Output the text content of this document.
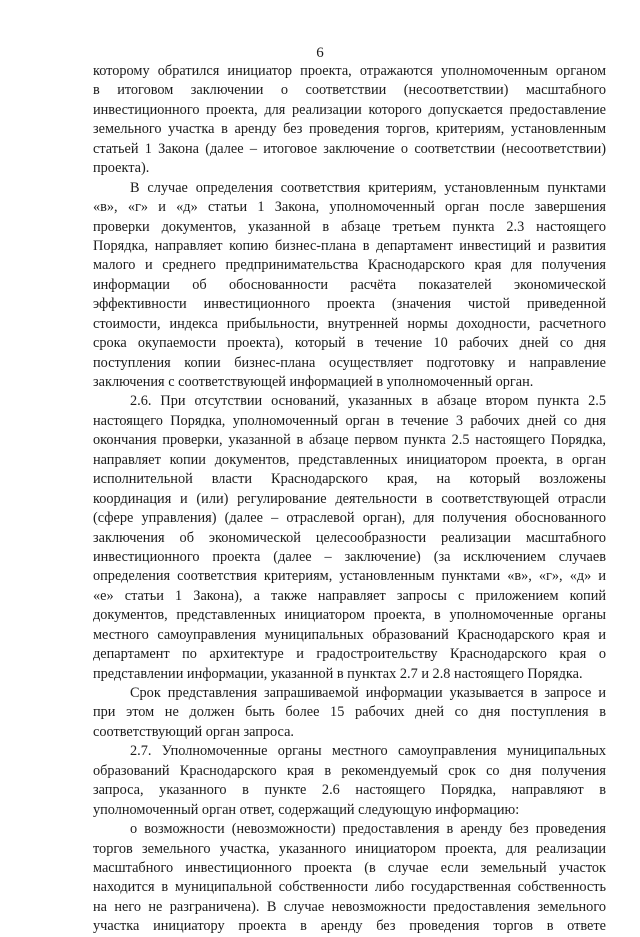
6
которому обратился инициатор проекта, отражаются уполномоченным органом
в итоговом заключении о соответствии (несоответствии) масштабного
инвестиционного проекта, для реализации которого допускается предоставление
земельного участка в аренду без проведения торгов, критериям, установленным
статьей 1 Закона (далее – итоговое заключение о соответствии (несоответствии)
проекта).
В случае определения соответствия критериям, установленным пунктами
«в», «г» и «д» статьи 1 Закона, уполномоченный орган после завершения
проверки документов, указанной в абзаце третьем пункта 2.3 настоящего
Порядка, направляет копию бизнес-плана в департамент инвестиций и развития
малого и среднего предпринимательства Краснодарского края для получения
информации об обоснованности расчёта показателей экономической
эффективности инвестиционного проекта (значения чистой приведенной
стоимости, индекса прибыльности, внутренней нормы доходности, расчетного
срока окупаемости проекта), который в течение 10 рабочих дней со дня
поступления копии бизнес-плана осуществляет подготовку и направление
заключения с соответствующей информацией в уполномоченный орган.
2.6. При отсутствии оснований, указанных в абзаце втором пункта 2.5
настоящего Порядка, уполномоченный орган в течение 3 рабочих дней со дня
окончания проверки, указанной в абзаце первом пункта 2.5 настоящего Порядка,
направляет копии документов, представленных инициатором проекта, в орган
исполнительной власти Краснодарского края, на который возложены
координация и (или) регулирование деятельности в соответствующей отрасли
(сфере управления) (далее – отраслевой орган), для получения обоснованного
заключения об экономической целесообразности реализации масштабного
инвестиционного проекта (далее – заключение) (за исключением случаев
определения соответствия критериям, установленным пунктами «в», «г», «д» и
«е» статьи 1 Закона), а также направляет запросы с приложением копий
документов, представленных инициатором проекта, в уполномоченные органы
местного самоуправления муниципальных образований Краснодарского края и
департамент по архитектуре и градостроительству Краснодарского края о
представлении информации, указанной в пунктах 2.7 и 2.8 настоящего Порядка.
Срок представления запрашиваемой информации указывается в запросе и
при этом не должен быть более 15 рабочих дней со дня поступления в
соответствующий орган запроса.
2.7. Уполномоченные органы местного самоуправления муниципальных
образований Краснодарского края в рекомендуемый срок со дня получения
запроса, указанного в пункте 2.6 настоящего Порядка, направляют в
уполномоченный орган ответ, содержащий следующую информацию:
о возможности (невозможности) предоставления в аренду без проведения
торгов земельного участка, указанного инициатором проекта, для реализации
масштабного инвестиционного проекта (в случае если земельный участок
находится в муниципальной собственности либо государственная собственность
на него не разграничена). В случае невозможности предоставления земельного
участка инициатору проекта в аренду без проведения торгов в ответе
